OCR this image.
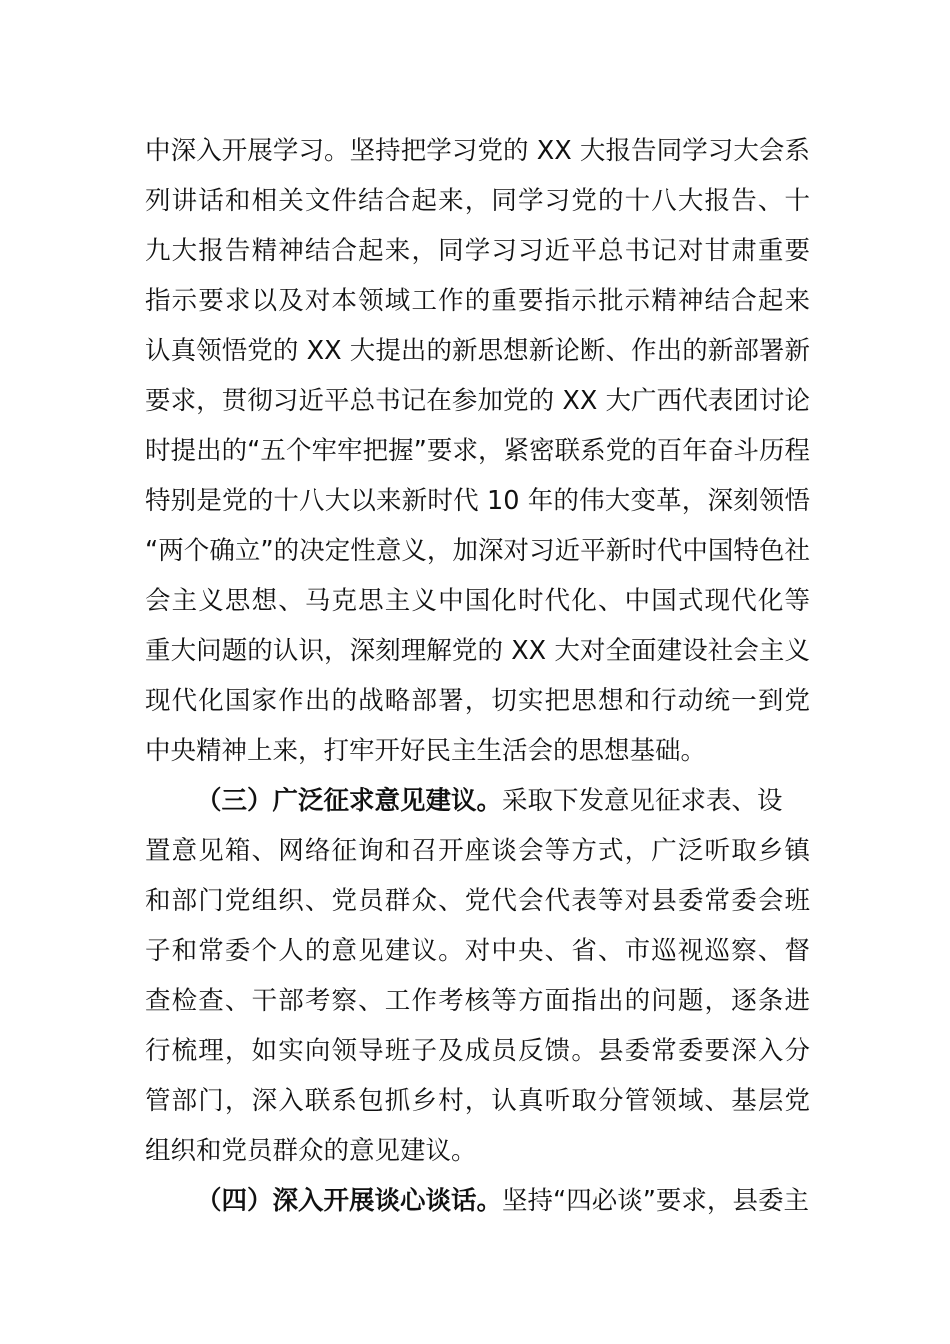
中深入开展学习。坚持把学习党的 XX 大报告同学习大会系
列讲话和相关文件结合起来，同学习党的十八大报告、十
九大报告精神结合起来，同学习习近平总书记对甘肃重要
指示要求以及对本领域工作的重要指示批示精神结合起来
认真领悟党的 XX 大提出的新思想新论断、作出的新部署新
要求，贯彻习近平总书记在参加党的 XX 大广西代表团讨论
时提出的“五个牢牢把握”要求，紧密联系党的百年奋斗历程
特别是党的十八大以来新时代 10 年的伟大变革，深刻领悟
“两个确立”的决定性意义，加深对习近平新时代中国特色社
会主义思想、马克思主义中国化时代化、中国式现代化等
重大问题的认识，深刻理解党的 XX 大对全面建设社会主义
现代化国家作出的战略部署，切实把思想和行动统一到党
中央精神上来，打牢开好民主生活会的思想基础。
（三）广泛征求意见建议。 采取下发意见征求表、设
置意见箱、网络征询和召开座谈会等方式，广泛听取乡镇
和部门党组织、党员群众、党代会代表等对县委常委会班
子和常委个人的意见建议。对中央、省、市巡视巡察、督
查检查、干部考察、工作考核等方面指出的问题，逐条进
行梳理，如实向领导班子及成员反馈。县委常委要深入分
管部门，深入联系包抓乡村，认真听取分管领域、基层党
组织和党员群众的意见建议。
（四）深入开展谈心谈话。 坚持“四必谈”要求，县委主
